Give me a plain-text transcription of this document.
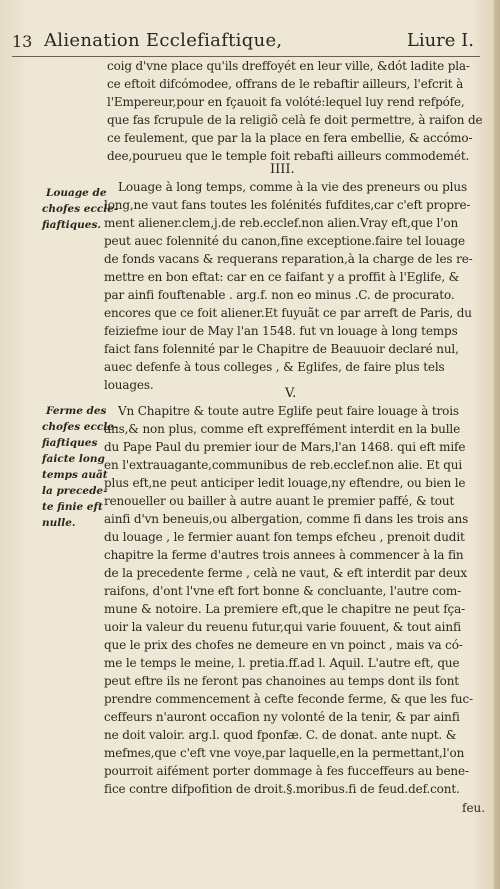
13 Alienation Ecclefiaftique,	Liure I.
coig d'vne place qu'ils dreffoyét en leur ville, &dót ladite pla-
ce eftoit difcómodee, offrans de le rebaftir ailleurs, l'efcrit à
l'Empereur,pour en fçauoit fa volóté:lequel luy rend refpófe,
que fas fcrupule de la religiõ celà fe doit permettre, à raifon de
ce feulement, que par la la place en fera embellie, & accómo-
dee,pourueu que le temple foit rebafti ailleurs commodemét.
IIII.
Louage de
chofes eccle-
fiaftiques.
Louage à long temps, comme à la vie des preneurs ou plus
long,ne vaut fans toutes les folénités fufdites,car c'eft propre-
ment aliener.clem,j.de reb.ecclef.non alien.Vray eft,que l'on
peut auec folennité du canon,fine exceptione.faire tel louage
de fonds vacans & requerans reparation,à la charge de les re-
mettre en bon eftat: car en ce faifant y a proffit à l'Eglife, &
par ainfi fouftenable . arg.f. non eo minus .C. de procurato.
encores que ce foit aliener.Et fuyuãt ce par arreft de Paris, du
feiziefme iour de May l'an 1548. fut vn louage à long temps
faict fans folennité par le Chapitre de Beauuoir declaré nul,
auec defenfe à tous colleges , & Eglifes, de faire plus tels
louages.
V.
Ferme des
chofes eccle-
fiaftiques
faicte long
temps auãt
la precede-
te finie eft
nulle.
Vn Chapitre & toute autre Eglife peut faire louage à trois
ans,& non plus, comme eft expreffément interdit en la bulle
du Pape Paul du premier iour de Mars,l'an 1468. qui eft mife
en l'extrauagante,communibus de reb.ecclef.non alie. Et qui
plus eft,ne peut anticiper ledit louage,ny eftendre, ou bien le
renoueller ou bailler à autre auant le premier paffé, & tout
ainfi d'vn beneuis,ou albergation, comme fi dans les trois ans
du louage , le fermier auant fon temps efcheu , prenoit dudit
chapitre la ferme d'autres trois annees à commencer à la fin
de la precedente ferme , celà ne vaut, & eft interdit par deux
raifons, d'ont l'vne eft fort bonne & concluante, l'autre com-
mune & notoire. La premiere eft,que le chapitre ne peut fça-
uoir la valeur du reuenu futur,qui varie fouuent, & tout ainfi
que le prix des chofes ne demeure en vn poinct , mais va có-
me le temps le meine, l. pretia.ff.ad l. Aquil. L'autre eft, que
peut eftre ils ne feront pas chanoines au temps dont ils font
prendre commencement à cefte feconde ferme, & que les fuc-
ceffeurs n'auront occafion ny volonté de la tenir, & par ainfi
ne doit valoir. arg.l. quod fponfæ. C. de donat. ante nupt. &
mefmes,que c'eft vne voye,par laquelle,en la permettant,l'on
pourroit aifément porter dommage à fes fucceffeurs au bene-
fice contre difpofition de droit.§.moribus.fi de feud.def.cont.
feu.
